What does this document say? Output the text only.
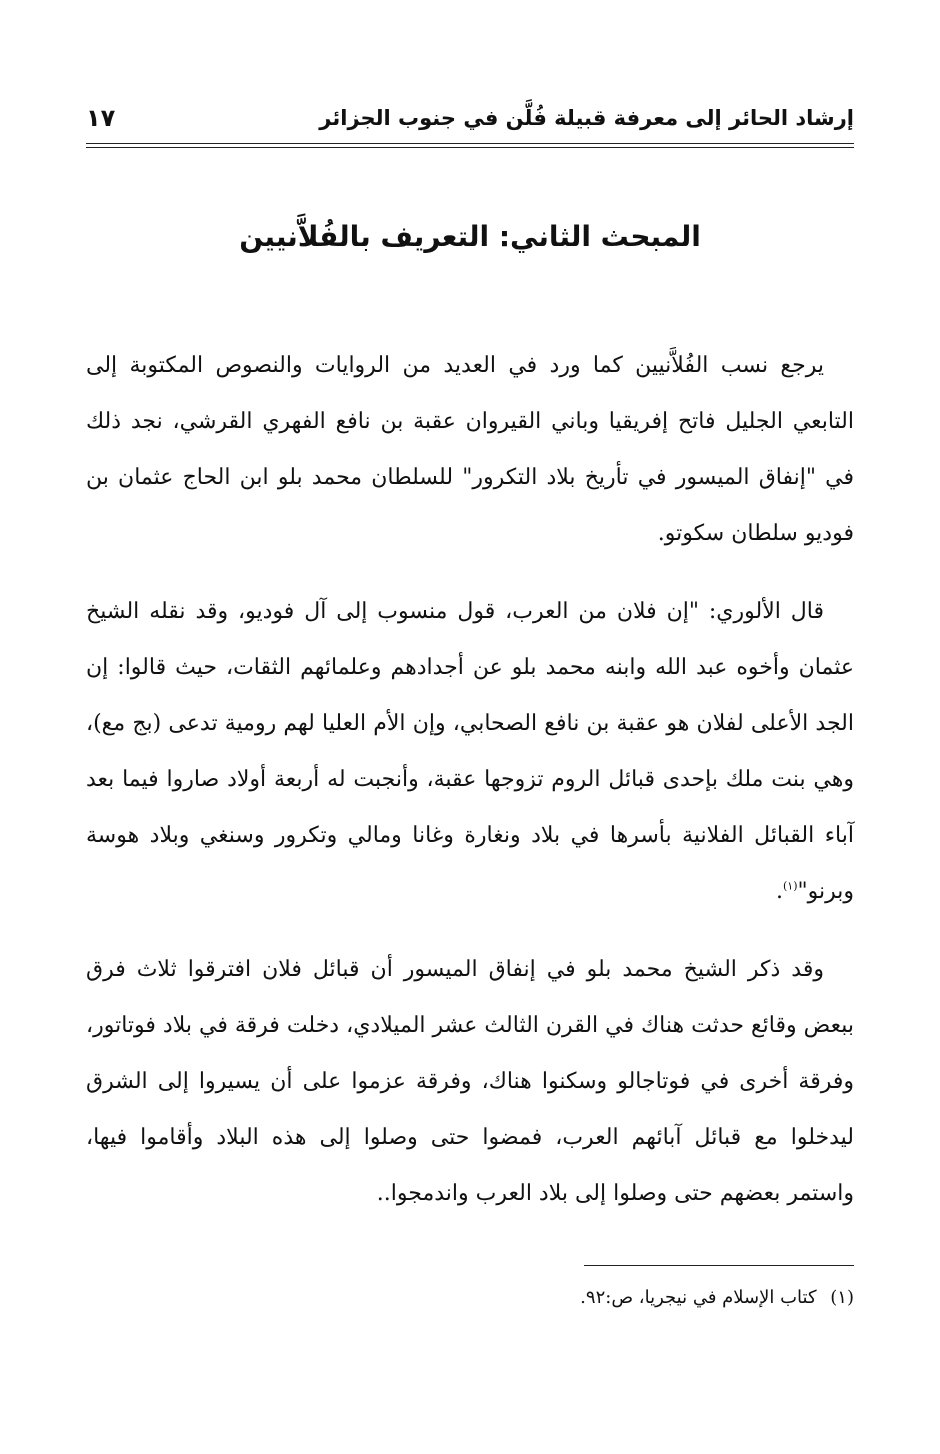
إرشاد الحائر إلى معرفة قبيلة فُلَّن في جنوب الجزائر
١٧
المبحث الثاني: التعريف بالفُلاَّنيين

يرجع نسب الفُلاَّنيين كما ورد في العديد من الروايات والنصوص المكتوبة إلى التابعي الجليل فاتح إفريقيا وباني القيروان عقبة بن نافع الفهري القرشي، نجد ذلك في "إنفاق الميسور في تأريخ بلاد التكرور" للسلطان محمد بلو ابن الحاج عثمان بن فوديو سلطان سكوتو.

قال الألوري: "إن فلان من العرب، قول منسوب إلى آل فوديو، وقد نقله الشيخ عثمان وأخوه عبد الله وابنه محمد بلو عن أجدادهم وعلمائهم الثقات، حيث قالوا: إن الجد الأعلى لفلان هو عقبة بن نافع الصحابي، وإن الأم العليا لهم رومية تدعى (بج مع)، وهي بنت ملك بإحدى قبائل الروم تزوجها عقبة، وأنجبت له أربعة أولاد صاروا فيما بعد آباء القبائل الفلانية بأسرها في بلاد ونغارة وغانا ومالي وتكرور وسنغي وبلاد هوسة وبرنو"$^{(١)}$.

وقد ذكر الشيخ محمد بلو في إنفاق الميسور أن قبائل فلان افترقوا ثلاث فرق ببعض وقائع حدثت هناك في القرن الثالث عشر الميلادي، دخلت فرقة في بلاد فوتاتور، وفرقة أخرى في فوتاجالو وسكنوا هناك، وفرقة عزموا على أن يسيروا إلى الشرق ليدخلوا مع قبائل آبائهم العرب، فمضوا حتى وصلوا إلى هذه البلاد وأقاموا فيها، واستمر بعضهم حتى وصلوا إلى بلاد العرب واندمجوا..

(١) كتاب الإسلام في نيجريا، ص:٩٢.
